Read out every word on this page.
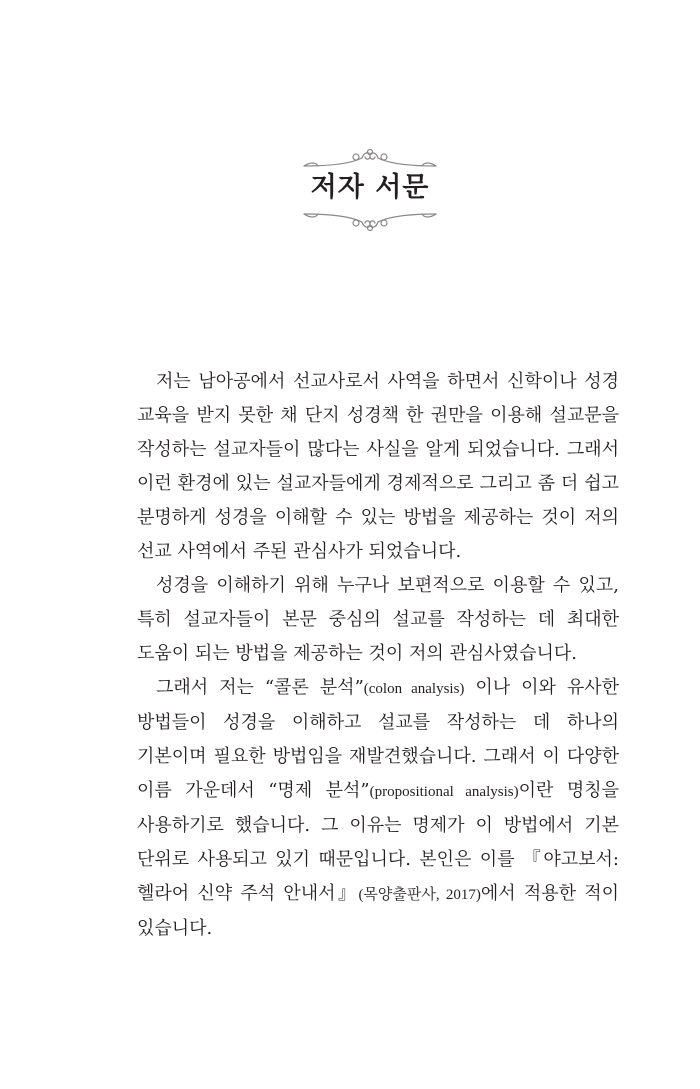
저자 서문

저는 남아공에서 선교사로서 사역을 하면서 신학이나 성경 교육을 받지 못한 채 단지 성경책 한 권만을 이용해 설교문을 작성하는 설교자들이 많다는 사실을 알게 되었습니다. 그래서 이런 환경에 있는 설교자들에게 경제적으로 그리고 좀 더 쉽고 분명하게 성경을 이해할 수 있는 방법을 제공하는 것이 저의 선교 사역에서 주된 관심사가 되었습니다.

성경을 이해하기 위해 누구나 보편적으로 이용할 수 있고, 특히 설교자들이 본문 중심의 설교를 작성하는 데 최대한 도움이 되는 방법을 제공하는 것이 저의 관심사였습니다.

그래서 저는 “콜론 분석”(colon analysis) 이나 이와 유사한 방법들이 성경을 이해하고 설교를 작성하는 데 하나의 기본이며 필요한 방법임을 재발견했습니다. 그래서 이 다양한 이름 가운데서 “명제 분석”(propositional analysis)이란 명칭을 사용하기로 했습니다. 그 이유는 명제가 이 방법에서 기본 단위로 사용되고 있기 때문입니다. 본인은 이를 『야고보서: 헬라어 신약 주석 안내서』(목양출판사, 2017)에서 적용한 적이 있습니다.
